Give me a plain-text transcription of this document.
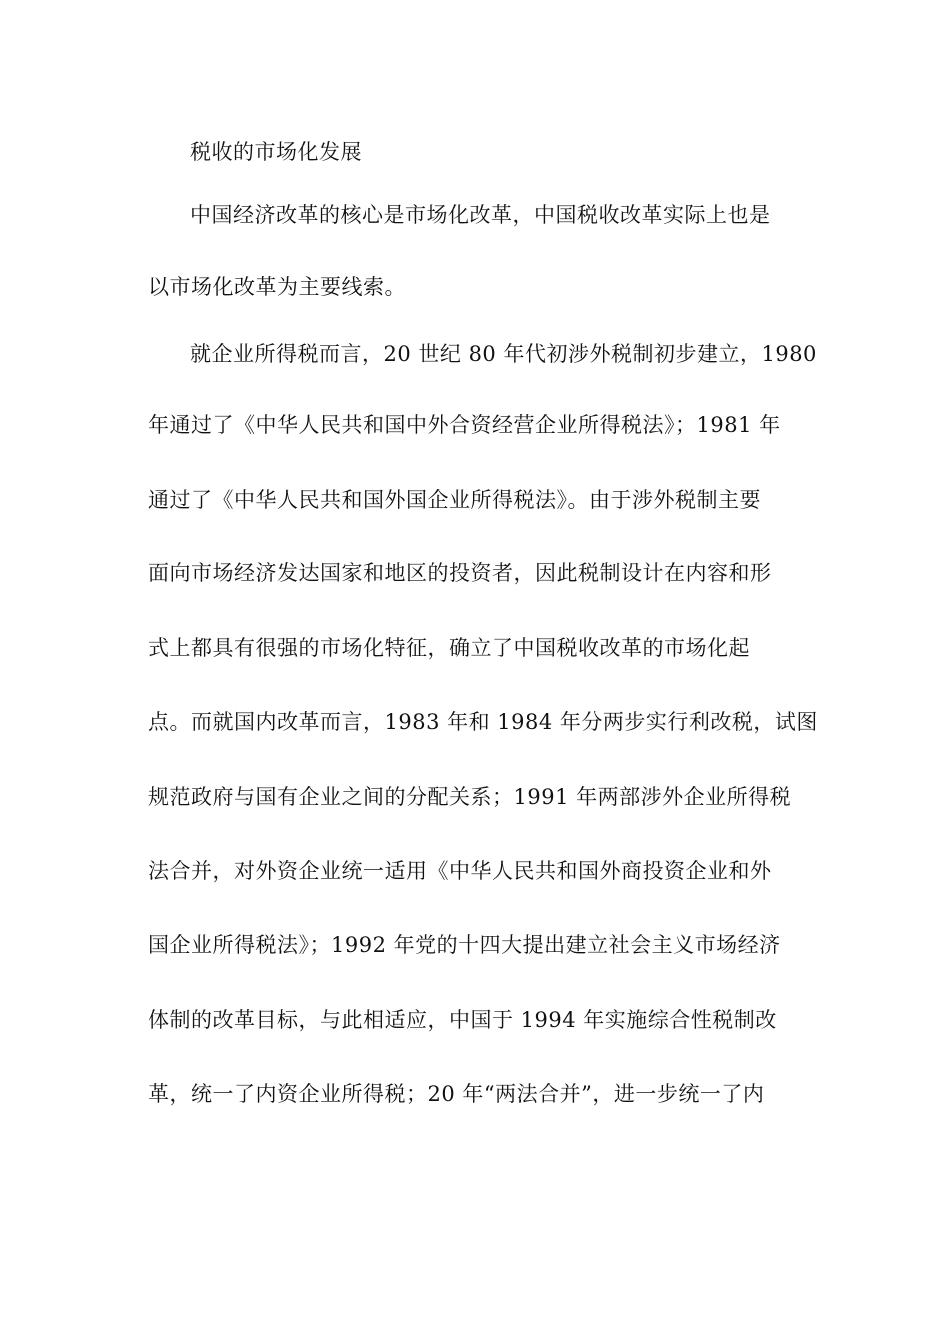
税收的市场化发展
中国经济改革的核心是市场化改革，中国税收改革实际上也是
以市场化改革为主要线索。
就企业所得税而言，20 世纪 80 年代初涉外税制初步建立，1980
年通过了《中华人民共和国中外合资经营企业所得税法》；1981 年
通过了《中华人民共和国外国企业所得税法》。由于涉外税制主要
面向市场经济发达国家和地区的投资者，因此税制设计在内容和形
式上都具有很强的市场化特征，确立了中国税收改革的市场化起
点。而就国内改革而言，1983 年和 1984 年分两步实行利改税，试图
规范政府与国有企业之间的分配关系；1991 年两部涉外企业所得税
法合并，对外资企业统一适用《中华人民共和国外商投资企业和外
国企业所得税法》；1992 年党的十四大提出建立社会主义市场经济
体制的改革目标，与此相适应，中国于 1994 年实施综合性税制改
革，统一了内资企业所得税；20 年“两法合并”，进一步统一了内
